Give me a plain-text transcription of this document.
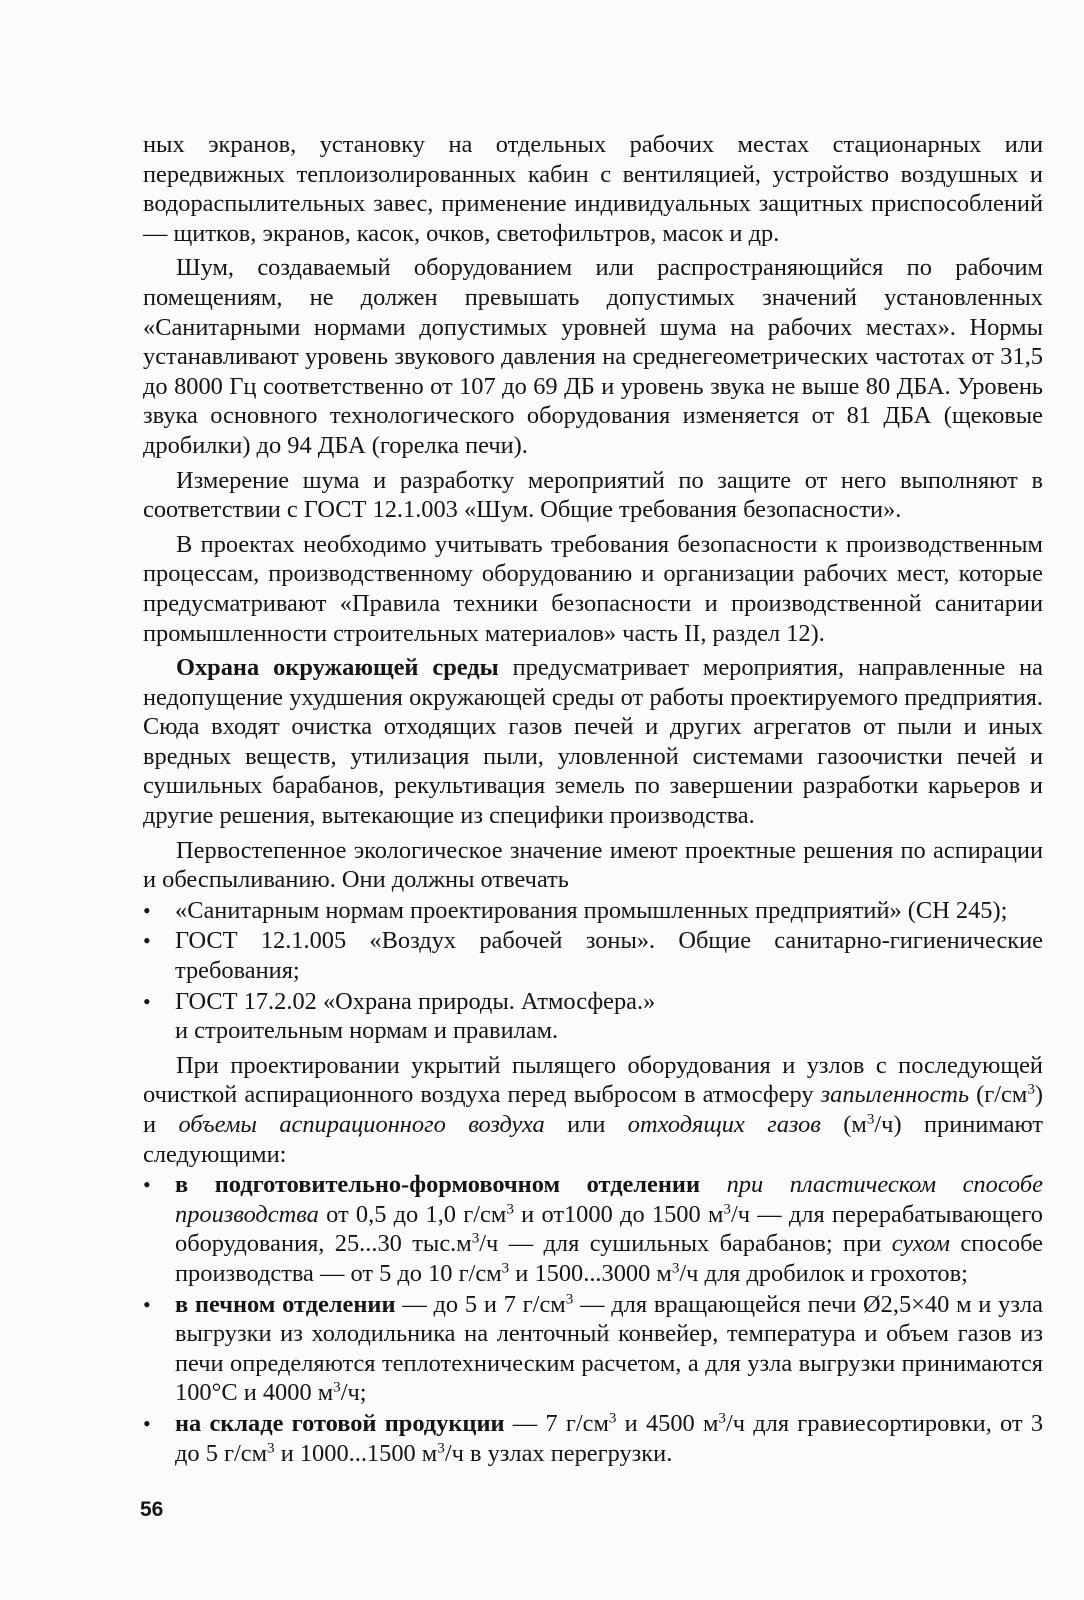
ных экранов, установку на отдельных рабочих местах стационарных или передвижных теплоизолированных кабин с вентиляцией, устройство воздушных и водораспылительных завес, применение индивидуальных защитных приспособлений — щитков, экранов, касок, очков, светофильтров, масок и др.

Шум, создаваемый оборудованием или распространяющийся по рабочим помещениям, не должен превышать допустимых значений установленных «Санитарными нормами допустимых уровней шума на рабочих местах». Нормы устанавливают уровень звукового давления на среднегеометрических частотах от 31,5 до 8000 Гц соответственно от 107 до 69 ДБ и уровень звука не выше 80 ДБА. Уровень звука основного технологического оборудования изменяется от 81 ДБА (щековые дробилки) до 94 ДБА (горелка печи).

Измерение шума и разработку мероприятий по защите от него выполняют в соответствии с ГОСТ 12.1.003 «Шум. Общие требования безопасности».

В проектах необходимо учитывать требования безопасности к производственным процессам, производственному оборудованию и организации рабочих мест, которые предусматривают «Правила техники безопасности и производственной санитарии промышленности строительных материалов» часть II, раздел 12).

Охрана окружающей среды предусматривает мероприятия, направленные на недопущение ухудшения окружающей среды от работы проектируемого предприятия. Сюда входят очистка отходящих газов печей и других агрегатов от пыли и иных вредных веществ, утилизация пыли, уловленной системами газоочистки печей и сушильных барабанов, рекультивация земель по завершении разработки карьеров и другие решения, вытекающие из специфики производства.

Первостепенное экологическое значение имеют проектные решения по аспирации и обеспыливанию. Они должны отвечать

• «Санитарным нормам проектирования промышленных предприятий» (СН 245);
• ГОСТ 12.1.005 «Воздух рабочей зоны». Общие санитарно-гигиенические требования;
• ГОСТ 17.2.02 «Охрана природы. Атмосфера.»
и строительным нормам и правилам.

При проектировании укрытий пылящего оборудования и узлов с последующей очисткой аспирационного воздуха перед выбросом в атмосферу запыленность $(г/см^3)$ и объемы аспирационного воздуха или отходящих газов $(м^3/ч)$ принимают следующими:

• в подготовительно-формовочном отделении при пластическом способе производства от 0,5 до 1,0 $г/см^3$ и от1000 до 1500 $м^3/ч$ — для перерабатывающего оборудования, 25...30 $тыс.м^3/ч$ — для сушильных барабанов; при сухом способе производства — от 5 до 10 $г/см^3$ и 1500...3000 $м^3/ч$ для дробилок и грохотов;
• в печном отделении — до 5 и 7 $г/см^3$ — для вращающейся печи Ø2,5×40 м и узла выгрузки из холодильника на ленточный конвейер, температура и объем газов из печи определяются теплотехническим расчетом, а для узла выгрузки принимаются 100°С и 4000 $м^3/ч$;
• на складе готовой продукции — 7 $г/см^3$ и 4500 $м^3/ч$ для гравиесортировки, от 3 до 5 $г/см^3$ и 1000...1500 $м^3/ч$ в узлах перегрузки.
56
